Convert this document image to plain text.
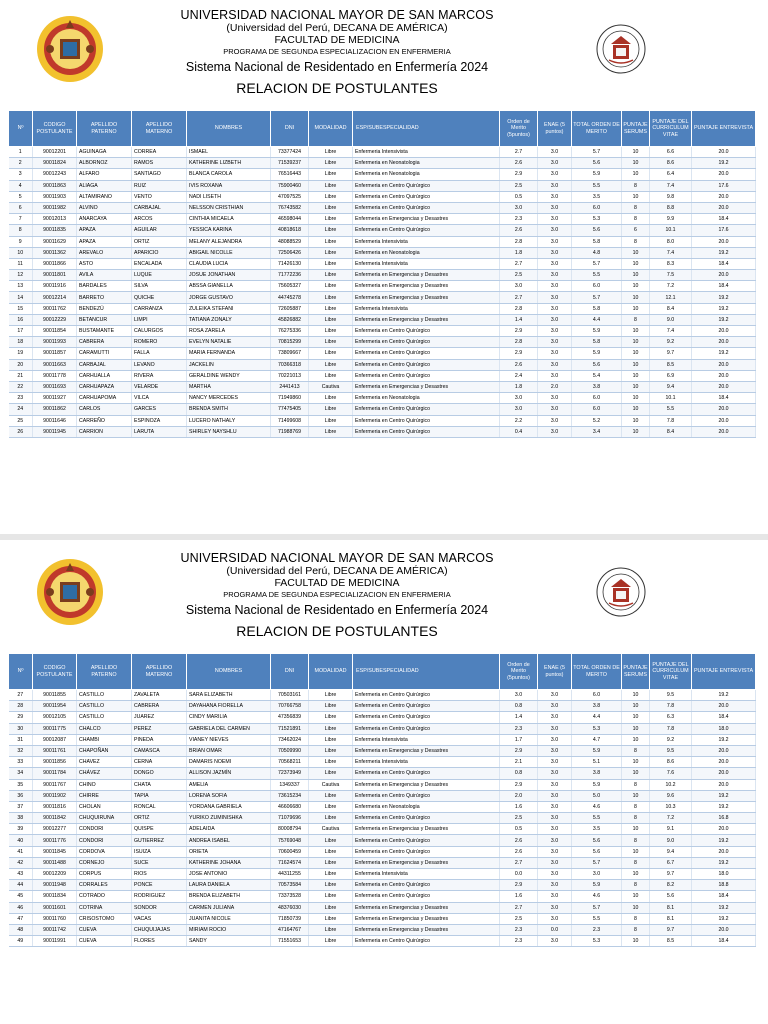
UNIVERSIDAD NACIONAL MAYOR DE SAN MARCOS
(Universidad del Perú, DECANA DE AMÉRICA)
FACULTAD DE MEDICINA
PROGRAMA DE SEGUNDA ESPECIALIZACION EN ENFERMERIA
Sistema Nacional de Residentado en Enfermería 2024
RELACION DE POSTULANTES
Nº	CODIGO POSTULANTE	APELLIDO PATERNO	APELLIDO MATERNO	NOMBRES	DNI	MODALIDAD	ESP/SUBESPECIALIDAD	Orden de Merito (5puntos)	ENAE (5 puntos)	TOTAL ORDEN DE MERITO	PUNTAJE SERUMS	PUNTAJE DEL CURRICULUM VITAE	PUNTAJE ENTREVISTA
1	90012201	AGUINAGA	CORREA	ISMAEL	73377424	Libre	Enfermeria Intensivista	2.7	3.0	5.7	10	6.6	20.0
2	90011824	ALBORNOZ	RAMOS	KATHERINE LIZBETH	71539237	Libre	Enfermeria en Neonatologia	2.6	3.0	5.6	10	8.6	19.2
3	90012243	ALFARO	SANTIAGO	BLANCA CAROLA	76516443	Libre	Enfermeria en Neonatologia	2.9	3.0	5.9	10	6.4	20.0
4	90011863	ALIAGA	RUIZ	IVIS ROXANA	75900460	Libre	Enfermeria en Centro Quirúrgico	2.5	3.0	5.5	8	7.4	17.6
5	90011903	ALTAMIRANO	VENTO	NADI LISETH	47097525	Libre	Enfermeria en Centro Quirúrgico	0.5	3.0	3.5	10	9.8	20.0
6	90011982	ALVINO	CARBAJAL	NELSSON CRISTHIAN	76743582	Libre	Enfermeria en Centro Quirúrgico	3.0	3.0	6.0	8	8.8	20.0
7	90012013	ANARCAYA	ARCOS	CINTHIA MICAELA	46598044	Libre	Enfermeria en Emergencias y Desastres	2.3	3.0	5.3	8	9.9	18.4
8	90011835	APAZA	AGUILAR	YESSICA KARINA	40818618	Libre	Enfermeria en Centro Quirúrgico	2.6	3.0	5.6	6	10.1	17.6
9	90011629	APAZA	ORTIZ	MELANY ALEJANDRA	48088529	Libre	Enfermeria Intensivista	2.8	3.0	5.8	8	8.0	20.0
10	90011362	AREVALO	APARICIO	ABIGAIL NICOLLE	72506426	Libre	Enfermeria en Neonatologia	1.8	3.0	4.8	10	7.4	19.2
11	90011866	ASTO	ENCALADA	CLAUDIA LUCIA	71426130	Libre	Enfermeria Intensivista	2.7	3.0	5.7	10	8.3	18.4
12	90011801	AVILA	LUQUE	JOSUE JONATHAN	71772236	Libre	Enfermeria en Emergencias y Desastres	2.5	3.0	5.5	10	7.5	20.0
13	90011916	BARDALES	SILVA	ABSSA GIANELLA	75605327	Libre	Enfermeria en Emergencias y Desastres	3.0	3.0	6.0	10	7.2	18.4
14	90012214	BARRETO	QUICHE	JORGE GUSTAVO	44745278	Libre	Enfermeria en Emergencias y Desastres	2.7	3.0	5.7	10	12.1	19.2
15	90011762	BENDEZÚ	CARRANZA	ZULEIKA STEFANI	72605887	Libre	Enfermeria Intensivista	2.8	3.0	5.8	10	8.4	19.2
16	90012229	BETANCUR	LIMPI	TATIANA ZONALY	45826882	Libre	Enfermeria en Emergencias y Desastres	1.4	3.0	4.4	8	9.0	19.2
17	90011854	BUSTAMANTE	CALURGOS	ROSA ZARELA	76275336	Libre	Enfermeria en Centro Quirúrgico	2.9	3.0	5.9	10	7.4	20.0
18	90011993	CABRERA	ROMERO	EVELYN NATALIE	70815299	Libre	Enfermeria en Centro Quirúrgico	2.8	3.0	5.8	10	9.2	20.0
19	90011857	CARAMUTTI	FALLA	MARIA FERNANDA	73809667	Libre	Enfermeria en Centro Quirúrgico	2.9	3.0	5.9	10	9.7	19.2
20	90011663	CARBAJAL	LEVANO	JACKELIN	70366318	Libre	Enfermeria en Centro Quirúrgico	2.6	3.0	5.6	10	8.5	20.0
21	90011778	CARHUALLA	RIVERA	GERALDINE WENDY	70221013	Libre	Enfermeria en Centro Quirúrgico	2.4	3.0	5.4	10	6.9	20.0
22	90011693	CARHUAPAZA	VELARDE	MARTHA	2441413	Cautiva	Enfermeria en Emergencias y Desastres	1.8	2.0	3.8	10	9.4	20.0
23	90011927	CARHUAPOMA	VILCA	NANCY MERCEDES	71949860	Libre	Enfermeria en Neonatologia	3.0	3.0	6.0	10	10.1	18.4
24	90011862	CARLOS	GARCES	BRENDA SMITH	77475405	Libre	Enfermeria en Centro Quirúrgico	3.0	3.0	6.0	10	5.5	20.0
25	90011646	CARREÑO	ESPINOZA	LUCERO NATHALY	71499608	Libre	Enfermeria en Centro Quirúrgico	2.2	3.0	5.2	10	7.8	20.0
26	90011945	CARRION	LARUTA	SHIRLEY NAYSHLU	71988769	Libre	Enfermeria en Centro Quirúrgico	0.4	3.0	3.4	10	8.4	20.0
UNIVERSIDAD NACIONAL MAYOR DE SAN MARCOS
(Universidad del Perú, DECANA DE AMÉRICA)
FACULTAD DE MEDICINA
PROGRAMA DE SEGUNDA ESPECIALIZACION EN ENFERMERIA
Sistema Nacional de Residentado en Enfermería 2024
RELACION DE POSTULANTES
Nº	CODIGO POSTULANTE	APELLIDO PATERNO	APELLIDO MATERNO	NOMBRES	DNI	MODALIDAD	ESP/SUBESPECIALIDAD	Orden de Merito (5puntos)	ENAE (5 puntos)	TOTAL ORDEN DE MERITO	PUNTAJE SERUMS	PUNTAJE DEL CURRICULUM VITAE	PUNTAJE ENTREVISTA
27	90011855	CASTILLO	ZAVALETA	SARA ELIZABETH	70503161	Libre	Enfermeria en Centro Quirúrgico	3.0	3.0	6.0	10	9.5	19.2
28	90011954	CASTILLO	CABRERA	DAYAHANA FIORELLA	70766758	Libre	Enfermeria en Centro Quirúrgico	0.8	3.0	3.8	10	7.8	20.0
29	90012105	CASTILLO	JUAREZ	CINDY MARILIA	47356839	Libre	Enfermeria en Centro Quirúrgico	1.4	3.0	4.4	10	6.3	18.4
30	90011775	CHALCO	PEREZ	GABRIELA DEL CARMEN	71521891	Libre	Enfermeria en Centro Quirúrgico	2.3	3.0	5.3	10	7.8	18.0
31	90012087	CHAMBI	PINEDA	VIANEY NIEVES	73462024	Libre	Enfermeria Intensivista	1.7	3.0	4.7	10	9.2	19.2
32	90011761	CHAPOÑAN	CAMASCA	BRIAN OMAR	70509990	Libre	Enfermeria en Emergencias y Desastres	2.9	3.0	5.9	8	9.5	20.0
33	90011856	CHAVEZ	CERNA	DAMARIS NOEMI	70568211	Libre	Enfermeria Intensivista	2.1	3.0	5.1	10	8.6	20.0
34	90011784	CHÁVEZ	DONGO	ALLISON JAZMÍN	72373949	Libre	Enfermeria en Centro Quirúrgico	0.8	3.0	3.8	10	7.6	20.0
35	90011767	CHINO	CHATA	AMELIA	1349337	Cautiva	Enfermeria en Emergencias y Desastres	2.9	3.0	5.9	8	10.2	20.0
36	90011902	CHIRRE	TAPIA	LORENA SOFIA	73615234	Libre	Enfermeria en Centro Quirúrgico	2.0	3.0	5.0	10	9.6	19.2
37	90011816	CHOLAN	RONCAL	YORDANA GABRIELA	46606680	Libre	Enfermeria en Neonatologia	1.6	3.0	4.6	8	10.3	19.2
38	90011842	CHUQUIRUNA	ORTIZ	YURIKO ZUMINISHKA	71079696	Libre	Enfermeria en Centro Quirúrgico	2.5	3.0	5.5	8	7.2	16.8
39	90012277	CONDORI	QUISPE	ADELAIDA	80008794	Cautiva	Enfermeria en Emergencias y Desastres	0.5	3.0	3.5	10	9.1	20.0
40	90011776	CONDORI	GUTIERREZ	ANDREA ISABEL	75769048	Libre	Enfermeria en Centro Quirúrgico	2.6	3.0	5.6	8	9.0	19.2
41	90011845	CORDOVA	ISUIZA	ORIETA	70600459	Libre	Enfermeria en Centro Quirúrgico	2.6	3.0	5.6	10	9.4	20.0
42	90011488	CORNEJO	SUCE	KATHERINE JOHANA	71624574	Libre	Enfermeria en Emergencias y Desastres	2.7	3.0	5.7	8	6.7	19.2
43	90012209	CORPUS	RIOS	JOSE ANTONIO	44311255	Libre	Enfermeria Intensivista	0.0	3.0	3.0	10	9.7	18.0
44	90011948	CORRALES	PONCE	LAURA DANIELA	70573584	Libre	Enfermeria en Centro Quirúrgico	2.9	3.0	5.9	8	8.2	18.8
45	90011834	COTRADO	RODRIGUEZ	BRENDA ELIZABETH	73373528	Libre	Enfermeria en Centro Quirúrgico	1.6	3.0	4.6	10	5.6	18.4
46	90011601	COTRINA	SONDOR	CARMEN JULIANA	48376030	Libre	Enfermeria en Emergencias y Desastres	2.7	3.0	5.7	10	8.1	19.2
47	90011760	CRISOSTOMO	VACAS	JUANITA NICOLE	71850739	Libre	Enfermeria en Emergencias y Desastres	2.5	3.0	5.5	8	8.1	19.2
48	90011742	CUEVA	CHUQUIJAJAS	MIRIAM ROCIO	47164767	Libre	Enfermeria en Emergencias y Desastres	2.3	0.0	2.3	8	9.7	20.0
49	90011991	CUEVA	FLORES	SANDY	71551653	Libre	Enfermeria en Centro Quirúrgico	2.3	3.0	5.3	10	8.5	18.4
